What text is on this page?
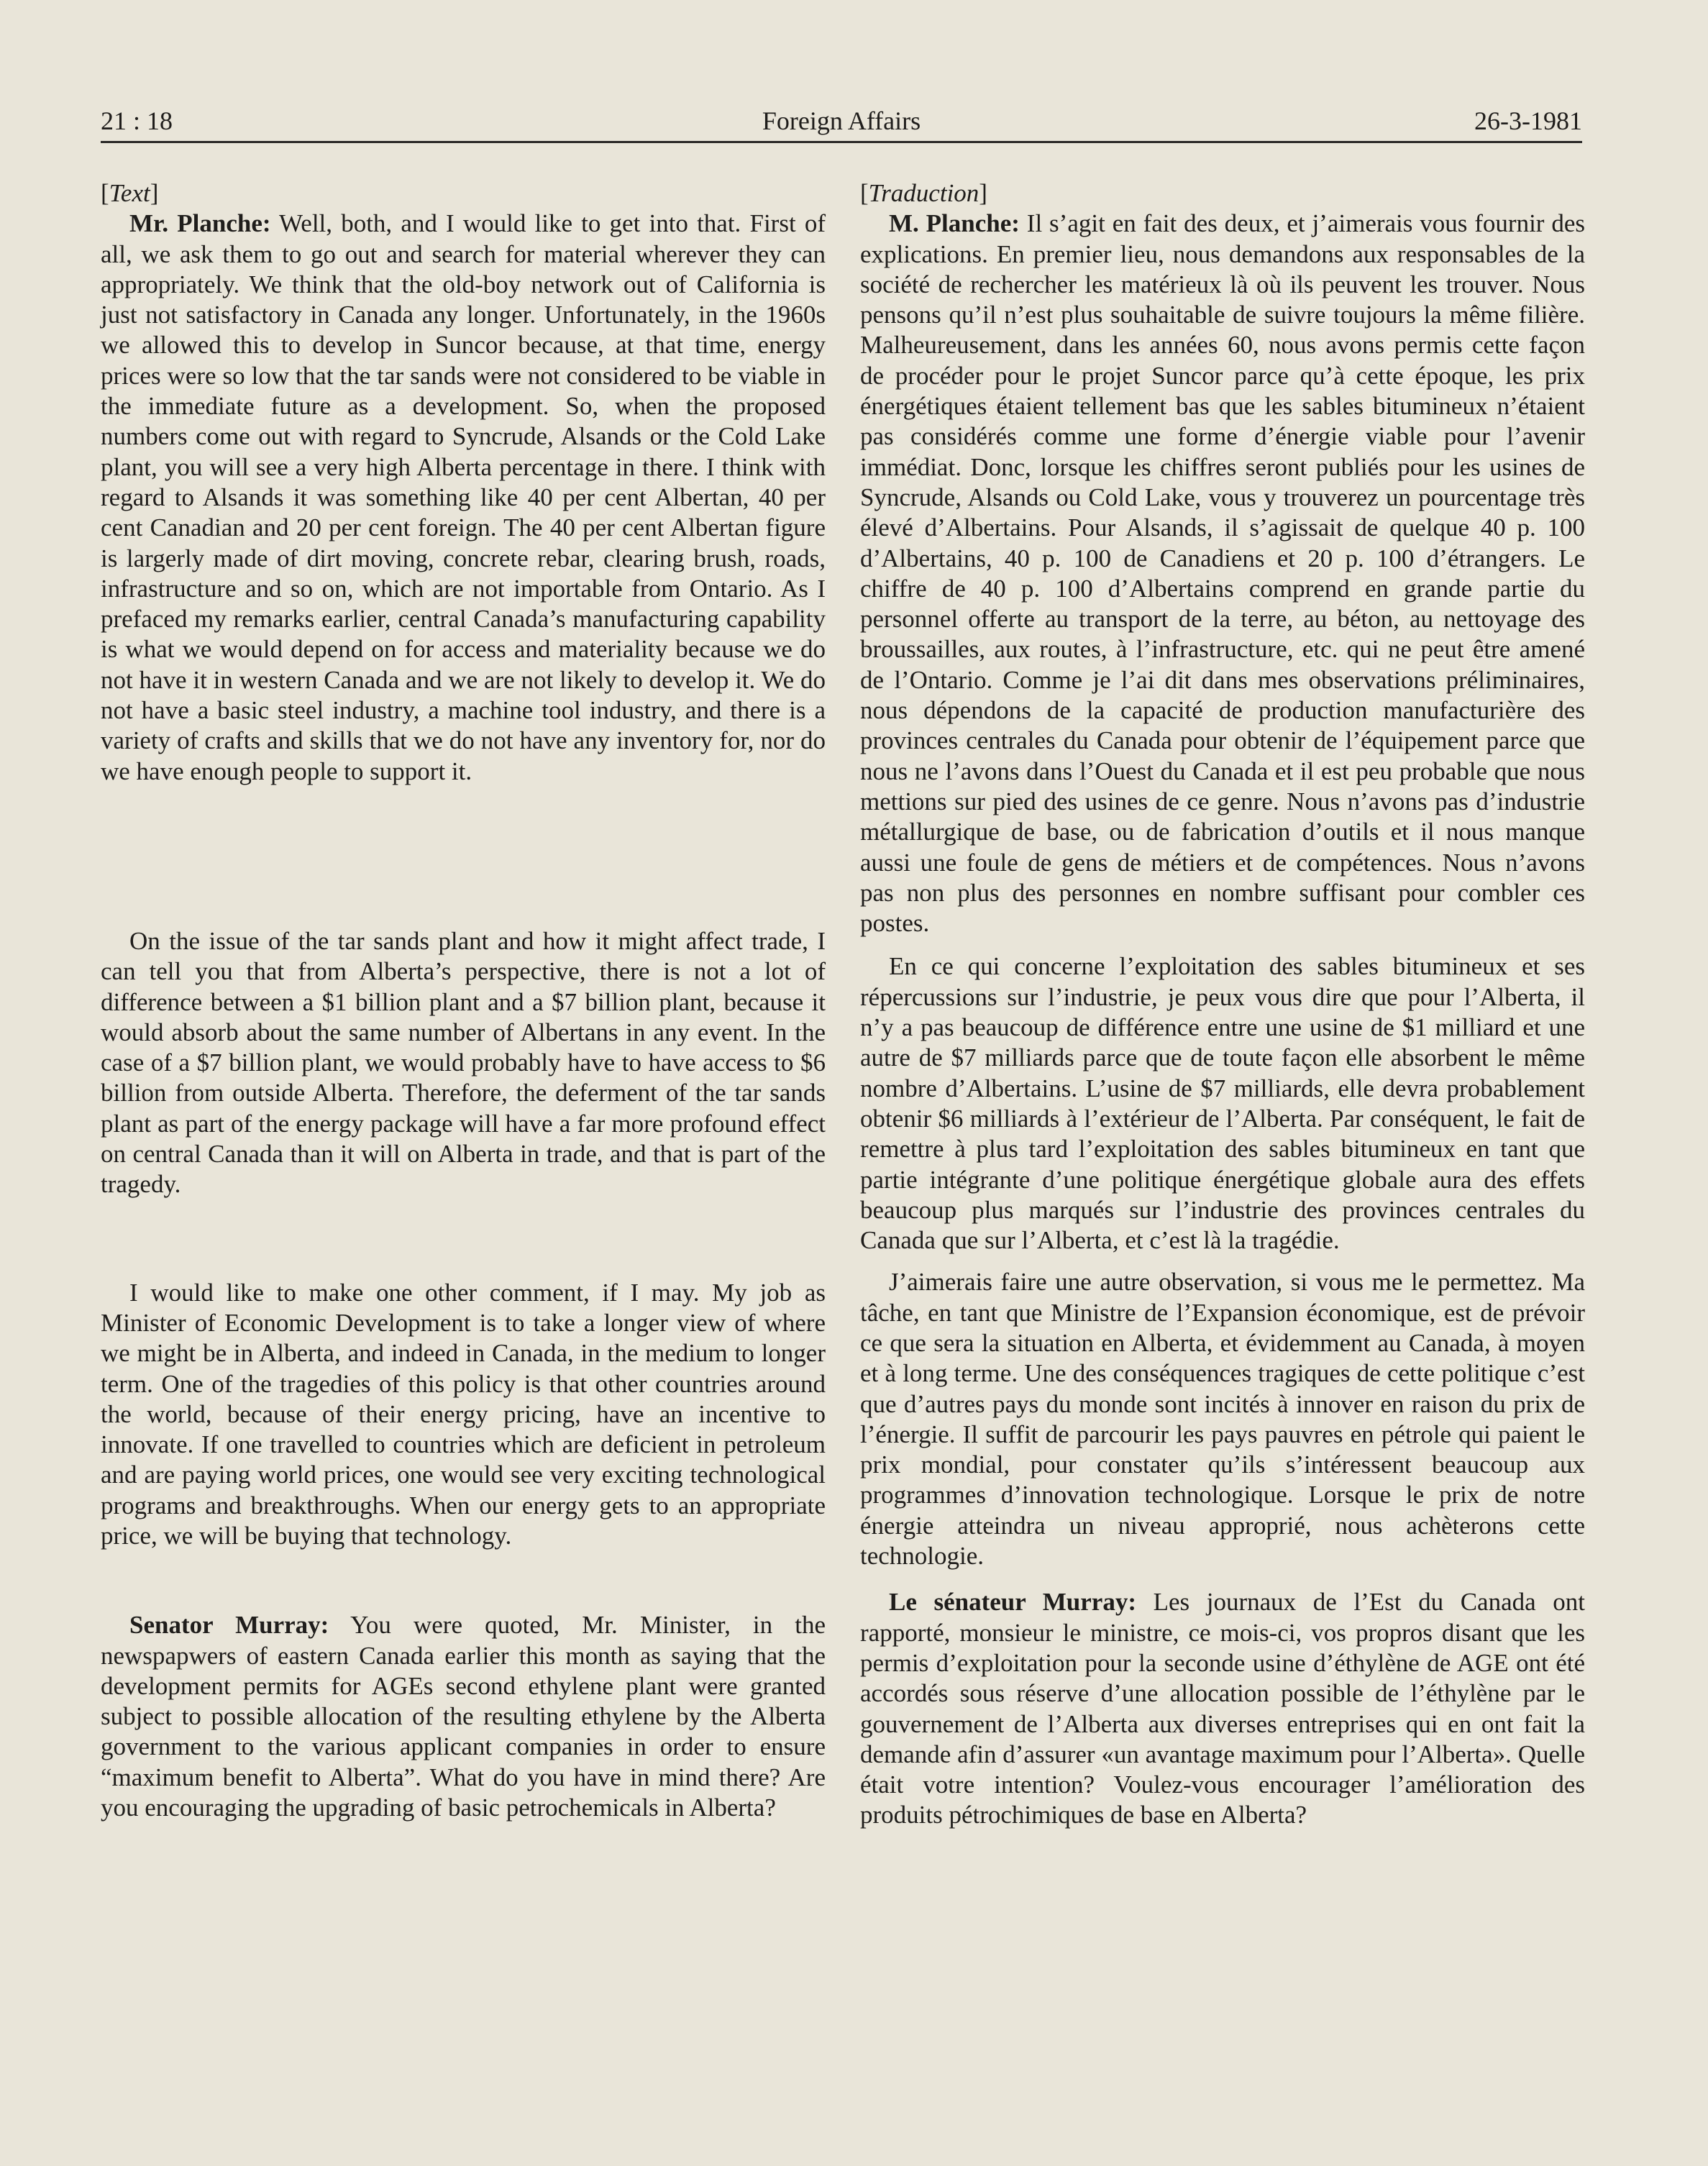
21 : 18	Foreign Affairs	26-3-1981

[Text]

Mr. Planche: Well, both, and I would like to get into that. First of all, we ask them to go out and search for material wherever they can appropriately. We think that the old-boy network out of California is just not satisfactory in Canada any longer. Unfortunately, in the 1960s we allowed this to develop in Suncor because, at that time, energy prices were so low that the tar sands were not considered to be viable in the immediate future as a development. So, when the proposed numbers come out with regard to Syncrude, Alsands or the Cold Lake plant, you will see a very high Alberta percentage in there. I think with regard to Alsands it was something like 40 per cent Albertan, 40 per cent Canadian and 20 per cent foreign. The 40 per cent Albertan figure is largerly made of dirt moving, concrete rebar, clearing brush, roads, infrastructure and so on, which are not importable from Ontario. As I prefaced my remarks earlier, central Canada’s manufacturing capability is what we would depend on for access and materiality because we do not have it in western Canada and we are not likely to develop it. We do not have a basic steel industry, a machine tool industry, and there is a variety of crafts and skills that we do not have any inventory for, nor do we have enough people to support it.

On the issue of the tar sands plant and how it might affect trade, I can tell you that from Alberta’s perspective, there is not a lot of difference between a $1 billion plant and a $7 billion plant, because it would absorb about the same number of Albertans in any event. In the case of a $7 billion plant, we would probably have to have access to $6 billion from outside Alberta. Therefore, the deferment of the tar sands plant as part of the energy package will have a far more profound effect on central Canada than it will on Alberta in trade, and that is part of the tragedy.

I would like to make one other comment, if I may. My job as Minister of Economic Development is to take a longer view of where we might be in Alberta, and indeed in Canada, in the medium to longer term. One of the tragedies of this policy is that other countries around the world, because of their energy pricing, have an incentive to innovate. If one travelled to countries which are deficient in petroleum and are paying world prices, one would see very exciting technological programs and breakthroughs. When our energy gets to an appropriate price, we will be buying that technology.

Senator Murray: You were quoted, Mr. Minister, in the newspapwers of eastern Canada earlier this month as saying that the development permits for AGEs second ethylene plant were granted subject to possible allocation of the resulting ethylene by the Alberta government to the various applicant companies in order to ensure “maximum benefit to Alberta”. What do you have in mind there? Are you encouraging the upgrading of basic petrochemicals in Alberta?

[Traduction]

M. Planche: Il s’agit en fait des deux, et j’aimerais vous fournir des explications. En premier lieu, nous demandons aux responsables de la société de rechercher les matérieux là où ils peuvent les trouver. Nous pensons qu’il n’est plus souhaitable de suivre toujours la même filière. Malheureusement, dans les années 60, nous avons permis cette façon de procéder pour le projet Suncor parce qu’à cette époque, les prix énergétiques étaient tellement bas que les sables bitumineux n’étaient pas considérés comme une forme d’énergie viable pour l’avenir immédiat. Donc, lorsque les chiffres seront publiés pour les usines de Syncrude, Alsands ou Cold Lake, vous y trouverez un pourcentage très élevé d’Albertains. Pour Alsands, il s’agissait de quelque 40 p. 100 d’Albertains, 40 p. 100 de Canadiens et 20 p. 100 d’étrangers. Le chiffre de 40 p. 100 d’Albertains comprend en grande partie du personnel offerte au transport de la terre, au béton, au nettoyage des broussailles, aux routes, à l’infrastructure, etc. qui ne peut être amené de l’Ontario. Comme je l’ai dit dans mes observations préliminaires, nous dépendons de la capacité de production manufacturière des provinces centrales du Canada pour obtenir de l’équipement parce que nous ne l’avons dans l’Ouest du Canada et il est peu probable que nous mettions sur pied des usines de ce genre. Nous n’avons pas d’industrie métallurgique de base, ou de fabrication d’outils et il nous manque aussi une foule de gens de métiers et de compétences. Nous n’avons pas non plus des personnes en nombre suffisant pour combler ces postes.

En ce qui concerne l’exploitation des sables bitumineux et ses répercussions sur l’industrie, je peux vous dire que pour l’Alberta, il n’y a pas beaucoup de différence entre une usine de $1 milliard et une autre de $7 milliards parce que de toute façon elle absorbent le même nombre d’Albertains. L’usine de $7 milliards, elle devra probablement obtenir $6 milliards à l’extérieur de l’Alberta. Par conséquent, le fait de remettre à plus tard l’exploitation des sables bitumineux en tant que partie intégrante d’une politique énergétique globale aura des effets beaucoup plus marqués sur l’industrie des provinces centrales du Canada que sur l’Alberta, et c’est là la tragédie.

J’aimerais faire une autre observation, si vous me le permettez. Ma tâche, en tant que Ministre de l’Expansion économique, est de prévoir ce que sera la situation en Alberta, et évidemment au Canada, à moyen et à long terme. Une des conséquences tragiques de cette politique c’est que d’autres pays du monde sont incités à innover en raison du prix de l’énergie. Il suffit de parcourir les pays pauvres en pétrole qui paient le prix mondial, pour constater qu’ils s’intéressent beaucoup aux programmes d’innovation technologique. Lorsque le prix de notre énergie atteindra un niveau approprié, nous achèterons cette technologie.

Le sénateur Murray: Les journaux de l’Est du Canada ont rapporté, monsieur le ministre, ce mois-ci, vos propros disant que les permis d’exploitation pour la seconde usine d’éthylène de AGE ont été accordés sous réserve d’une allocation possible de l’éthylène par le gouvernement de l’Alberta aux diverses entreprises qui en ont fait la demande afin d’assurer «un avantage maximum pour l’Alberta». Quelle était votre intention? Voulez-vous encourager l’amélioration des produits pétrochimiques de base en Alberta?
